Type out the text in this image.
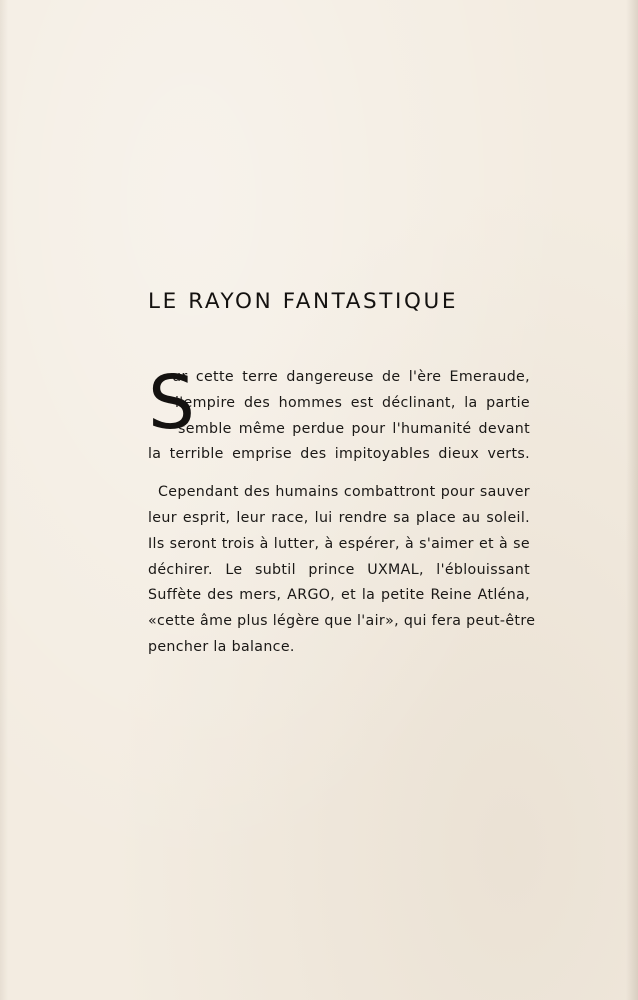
LE RAYON FANTASTIQUE

S
ur cette terre dangereuse de l'ère Emeraude,
l'empire des hommes est déclinant, la partie
semble même perdue pour l'humanité devant
la terrible emprise des impitoyables dieux verts.

Cependant des humains combattront pour sauver
leur esprit, leur race, lui rendre sa place au soleil.
Ils seront trois à lutter, à espérer, à s'aimer et à se
déchirer. Le subtil prince UXMAL, l'éblouissant
Suffète des mers, ARGO, et la petite Reine Atléna,
«cette âme plus légère que l'air», qui fera peut-être
pencher la balance.
